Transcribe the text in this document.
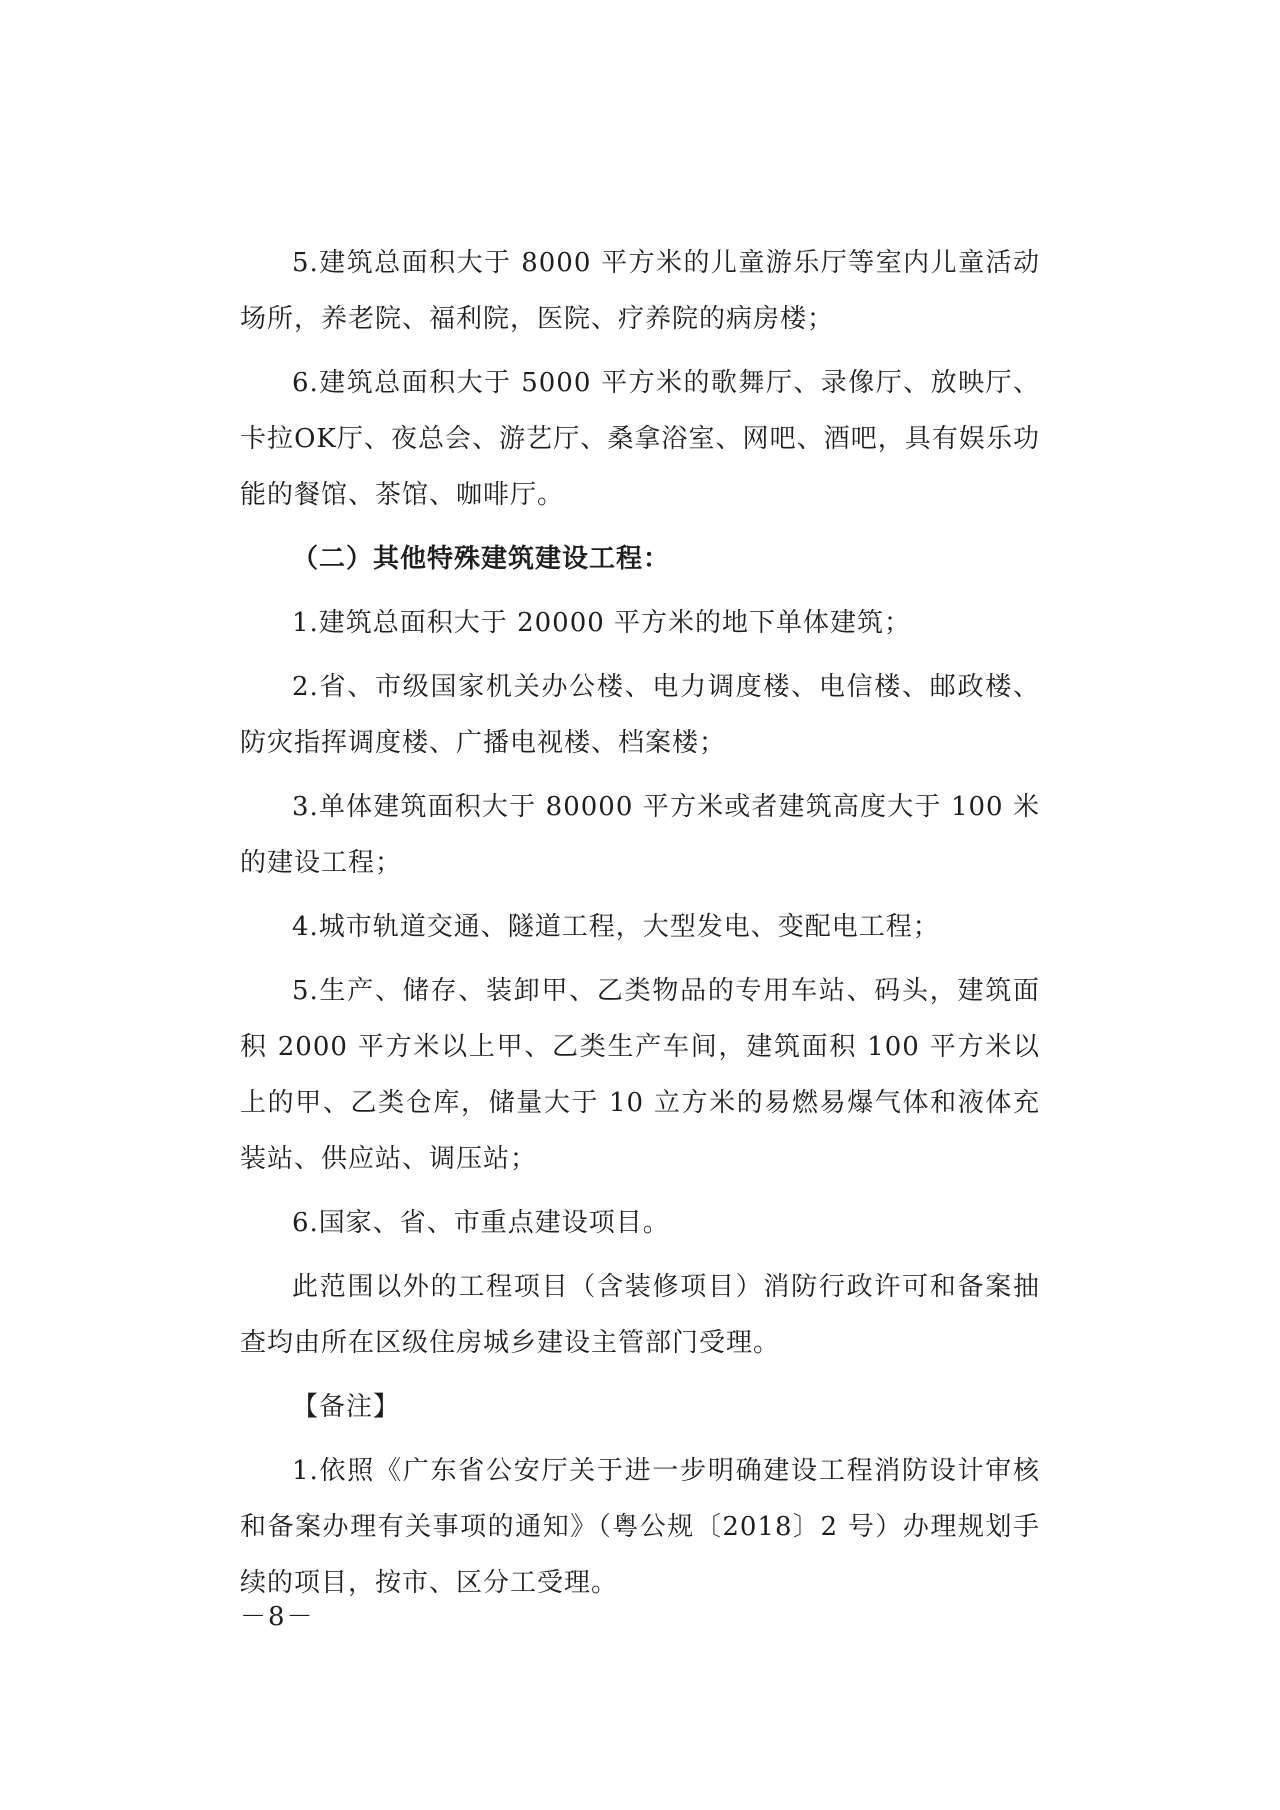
5.建筑总面积大于 8000 平方米的儿童游乐厅等室内儿童活动场所，养老院、福利院，医院、疗养院的病房楼；

6.建筑总面积大于 5000 平方米的歌舞厅、录像厅、放映厅、卡拉OK厅、夜总会、游艺厅、桑拿浴室、网吧、酒吧，具有娱乐功能的餐馆、茶馆、咖啡厅。

（二）其他特殊建筑建设工程：

1.建筑总面积大于 20000 平方米的地下单体建筑；

2.省、市级国家机关办公楼、电力调度楼、电信楼、邮政楼、防灾指挥调度楼、广播电视楼、档案楼；

3.单体建筑面积大于 80000 平方米或者建筑高度大于 100 米的建设工程；

4.城市轨道交通、隧道工程，大型发电、变配电工程；

5.生产、储存、装卸甲、乙类物品的专用车站、码头，建筑面积 2000 平方米以上甲、乙类生产车间，建筑面积 100 平方米以上的甲、乙类仓库，储量大于 10 立方米的易燃易爆气体和液体充装站、供应站、调压站；

6.国家、省、市重点建设项目。

此范围以外的工程项目（含装修项目）消防行政许可和备案抽查均由所在区级住房城乡建设主管部门受理。

【备注】

1.依照《广东省公安厅关于进一步明确建设工程消防设计审核和备案办理有关事项的通知》（粤公规〔2018〕2 号）办理规划手续的项目，按市、区分工受理。

－8－
